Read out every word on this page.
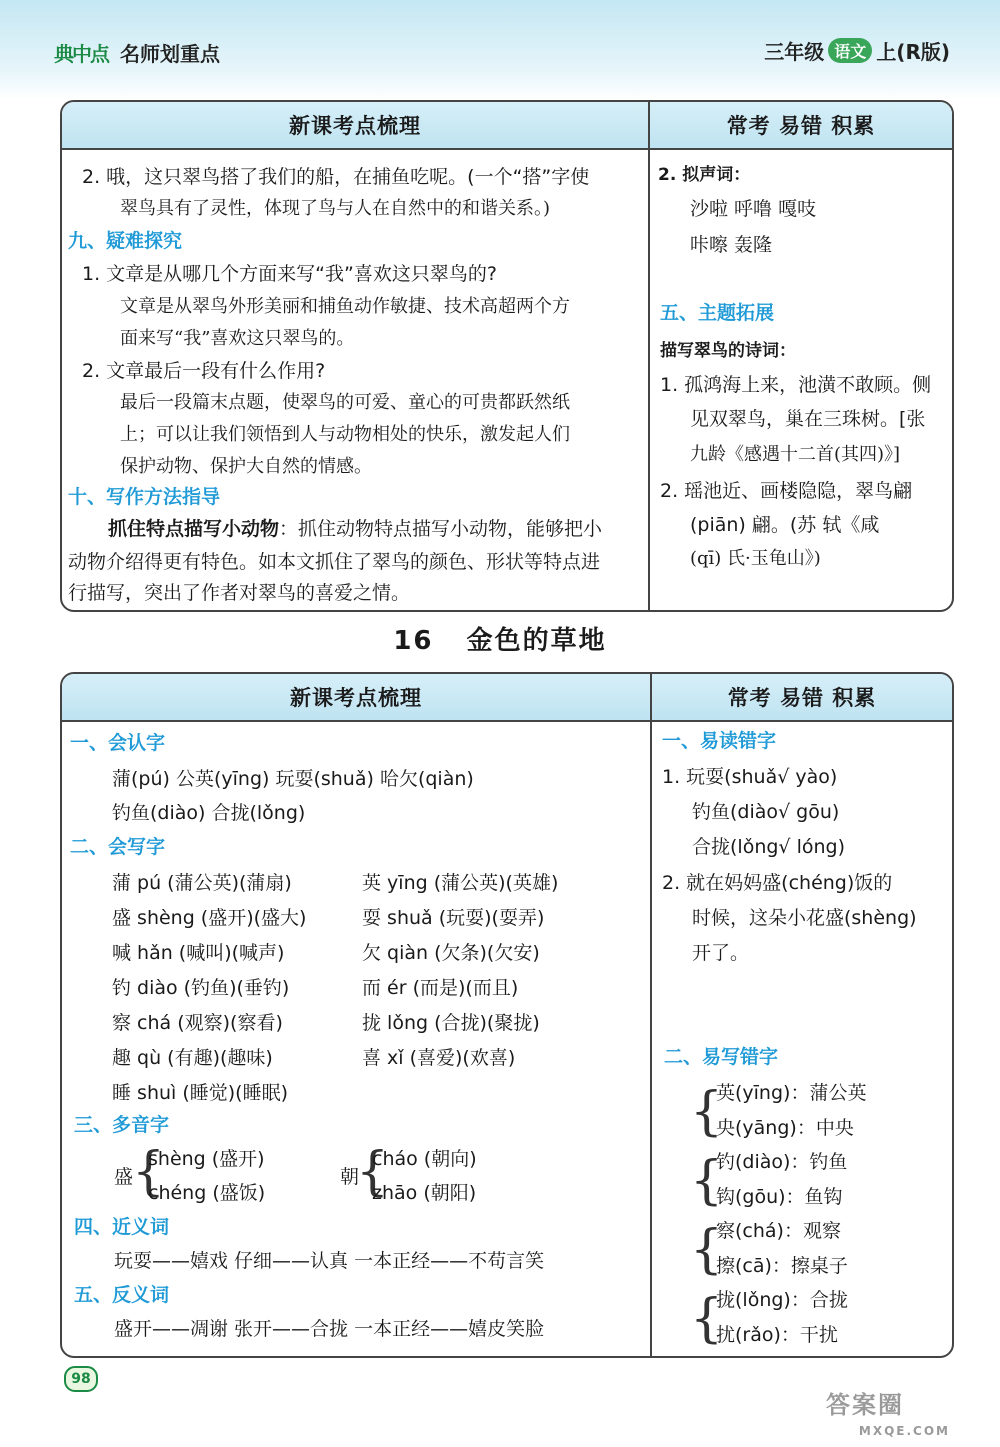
典中点 名师划重点	三年级 语文 上(R版)
新课考点梳理	常考 易错 积累
2. 哦，这只翠鸟搭了我们的船，在捕鱼吃呢。(一个“搭”字使
翠鸟具有了灵性，体现了鸟与人在自然中的和谐关系。)
九、疑难探究
1. 文章是从哪几个方面来写“我”喜欢这只翠鸟的?
文章是从翠鸟外形美丽和捕鱼动作敏捷、技术高超两个方
面来写“我”喜欢这只翠鸟的。
2. 文章最后一段有什么作用?
最后一段篇末点题，使翠鸟的可爱、童心的可贵都跃然纸
上；可以让我们领悟到人与动物相处的快乐，激发起人们
保护动物、保护大自然的情感。
十、写作方法指导
抓住特点描写小动物：抓住动物特点描写小动物，能够把小
动物介绍得更有特色。如本文抓住了翠鸟的颜色、形状等特点进
行描写，突出了作者对翠鸟的喜爱之情。
2. 拟声词：
沙啦 呼噜 嘎吱
咔嚓 轰隆
五、主题拓展
描写翠鸟的诗词：
1. 孤鸿海上来，池潢不敢顾。侧
见双翠鸟，巢在三珠树。[张
九龄《感遇十二首(其四)》]
2. 瑶池近、画楼隐隐，翠鸟翩
(piān) 翩。(苏 轼《咸
(qī) 氏·玉龟山》)
16 金色的草地
新课考点梳理	常考 易错 积累
一、会认字
蒲(pú) 公英(yīng) 玩耍(shuǎ) 哈欠(qiàn)
钓鱼(diào) 合拢(lǒng)
二、会写字
蒲 pú (蒲公英)(蒲扇)	英 yīng (蒲公英)(英雄)
盛 shèng (盛开)(盛大)	耍 shuǎ (玩耍)(耍弄)
喊 hǎn (喊叫)(喊声)	欠 qiàn (欠条)(欠安)
钓 diào (钓鱼)(垂钓)	而 ér (而是)(而且)
察 chá (观察)(察看)	拢 lǒng (合拢)(聚拢)
趣 qù (有趣)(趣味)	喜 xǐ (喜爱)(欢喜)
睡 shuì (睡觉)(睡眠)
三、多音字
盛
{
shèng (盛开)
chéng (盛饭)
朝
{
cháo (朝向)
zhāo (朝阳)
四、近义词
玩耍——嬉戏 仔细——认真 一本正经——不苟言笑
五、反义词
盛开——凋谢 张开——合拢 一本正经——嬉皮笑脸
一、易读错字
1. 玩耍(shuǎ√ yào)
钓鱼(diào√ gōu)
合拢(lǒng√ lóng)
2. 就在妈妈盛(chéng)饭的
时候，这朵小花盛(shèng)
开了。
二、易写错字
{
英(yīng)：蒲公英
央(yāng)：中央
{
钓(diào)：钓鱼
钩(gōu)：鱼钩
{
察(chá)：观察
擦(cā)：擦桌子
{
拢(lǒng)：合拢
扰(rǎo)：干扰
98
答案圈
MXQE.COM
